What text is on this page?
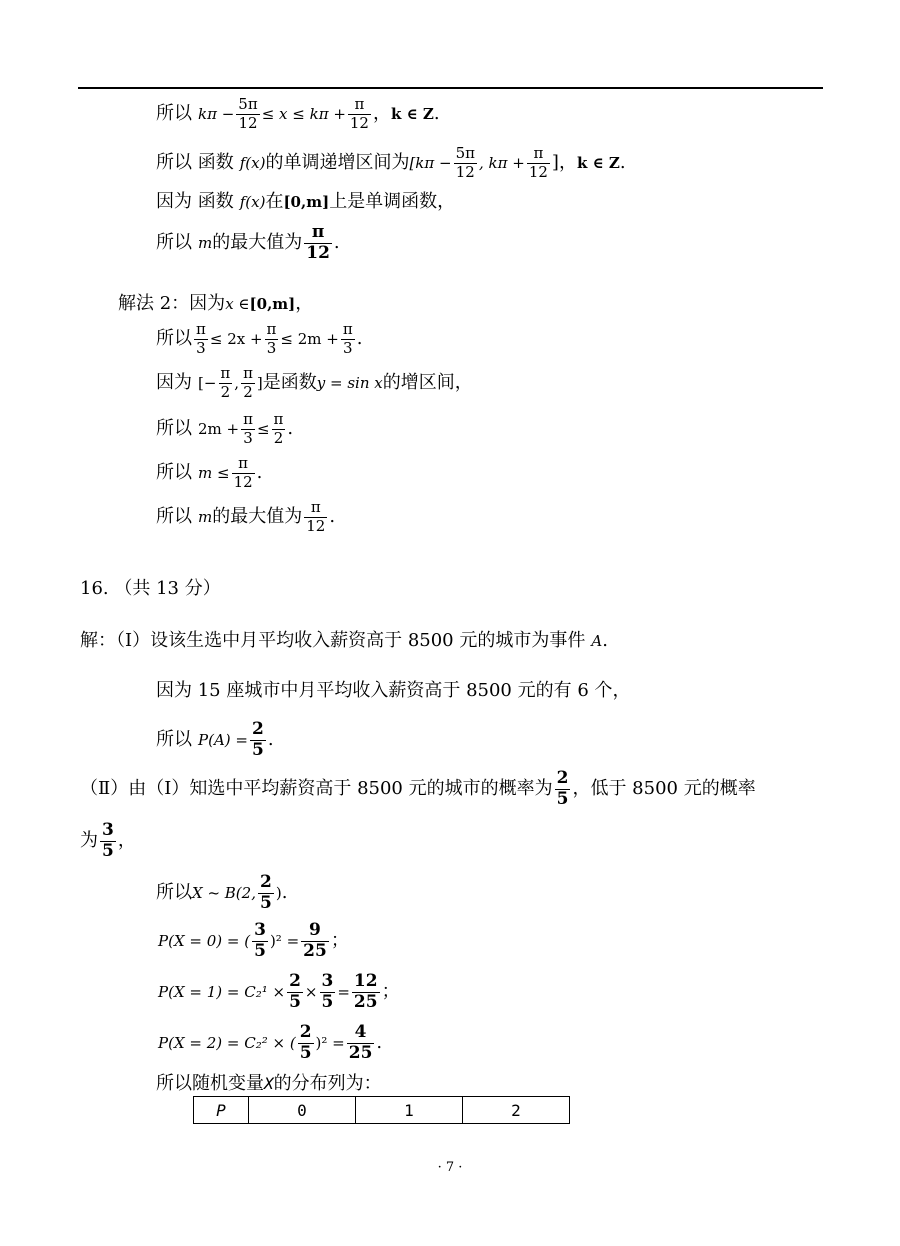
所以 $k\pi - \frac{5\pi}{12} \le x \le k\pi + \frac{\pi}{12}$ ， k ∈ Z .
所以 函数 f(x) 的单调递增区间为 [$k\pi - \frac{5\pi}{12}$ , $k\pi + \frac{\pi}{12}$ ]， k ∈ Z .
因为 函数 f(x) 在 [0,m] 上是单调函数，
所以 m 的最大值为 $\frac{\pi}{12}$ .
解法 2：因为 x ∈ [0,m] ，
所以 $\frac{\pi}{3} \le 2x + \frac{\pi}{3} \le 2m + \frac{\pi}{3}$ .
因为 [− $\frac{\pi}{2}$ , $\frac{\pi}{2}$ ] 是函数 y = sin x 的增区间，
所以 $2m + \frac{\pi}{3} \le \frac{\pi}{2}$ .
所以 $m \le \frac{\pi}{12}$ .
所以 m 的最大值为 $\frac{\pi}{12}$ .
16. （共 13 分）
解：（Ⅰ）设该生选中月平均收入薪资高于 8500 元的城市为事件 A .
因为 15 座城市中月平均收入薪资高于 8500 元的有 6 个，
所以 $P(A) = \frac{2}{5}$ .
（Ⅱ）由（Ⅰ）知选中平均薪资高于 8500 元的城市的概率为 $\frac{2}{5}$ ，低于 8500 元的概率
为 $\frac{3}{5}$ ，
所以 X ~ B(2, $\frac{2}{5}$ ) .
P(X = 0) = ( $\frac{3}{5} )^2 = \frac{9}{25}$ ；
$P(X = 1) = C_2^1 \times \frac{2}{5} \times \frac{3}{5} = \frac{12}{25}$ ；
P(X = 2) = C₂² × ( $\frac{2}{5} )^2 = \frac{4}{25}$ .
所以随机变量 X 的分布列为：
P	0	1	2
· 7 ·
